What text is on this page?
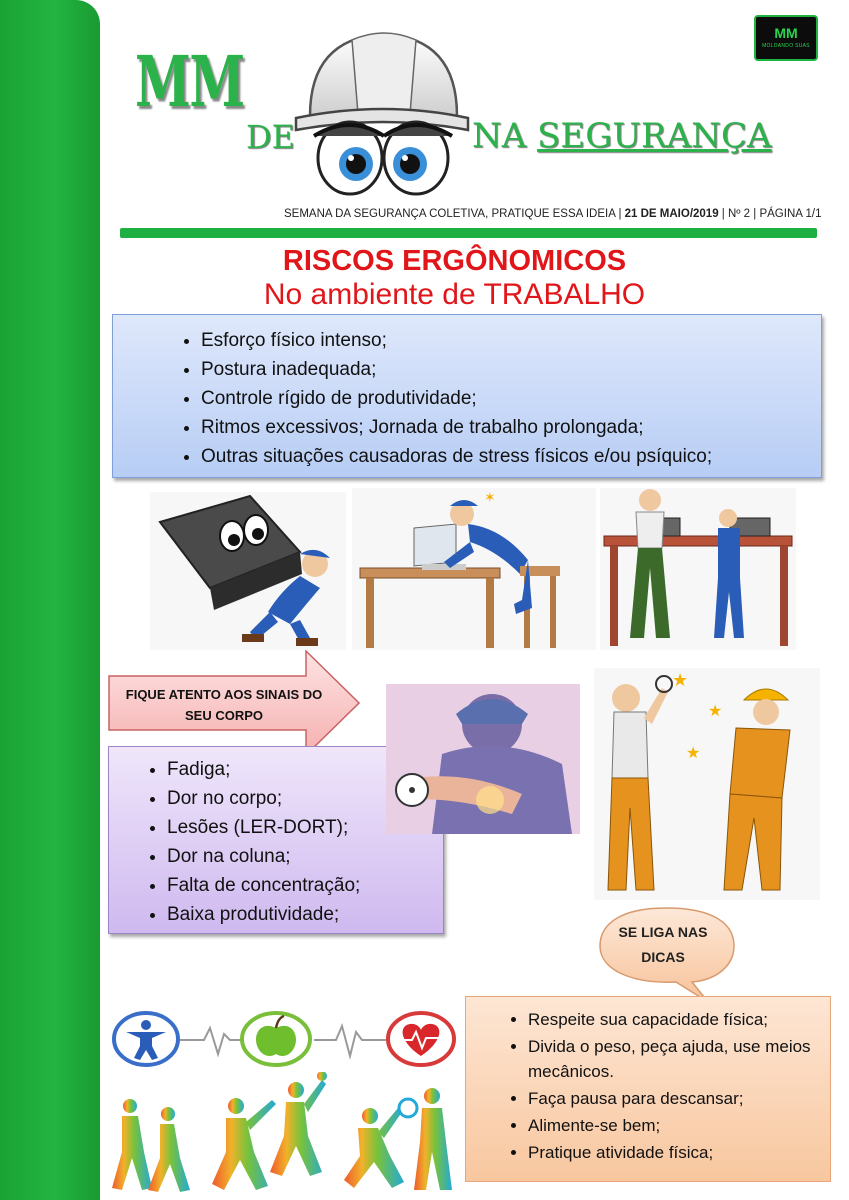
MM
MOLDANDO SUAS
MM
DE	NA SEGURANÇA
SEMANA DA SEGURANÇA COLETIVA, PRATIQUE ESSA IDEIA | 21 DE MAIO/2019 | Nº 2 | PÁGINA 1/1
RISCOS ERGÔNOMICOS
No ambiente de TRABALHO
• Esforço físico intenso;
• Postura inadequada;
• Controle rígido de produtividade;
• Ritmos excessivos; Jornada de trabalho prolongada;
• Outras situações causadoras de stress físicos e/ou psíquico;
✶
FIQUE ATENTO AOS SINAIS DO SEU CORPO
• Fadiga;
• Dor no corpo;
• Lesões (LER-DORT);
• Dor na coluna;
• Falta de concentração;
• Baixa produtividade;
★
★
★
SE LIGA NAS DICAS
• Respeite sua capacidade física;
• Divida o peso, peça ajuda, use meios mecânicos.
• Faça pausa para descansar;
• Alimente-se bem;
• Pratique atividade física;
